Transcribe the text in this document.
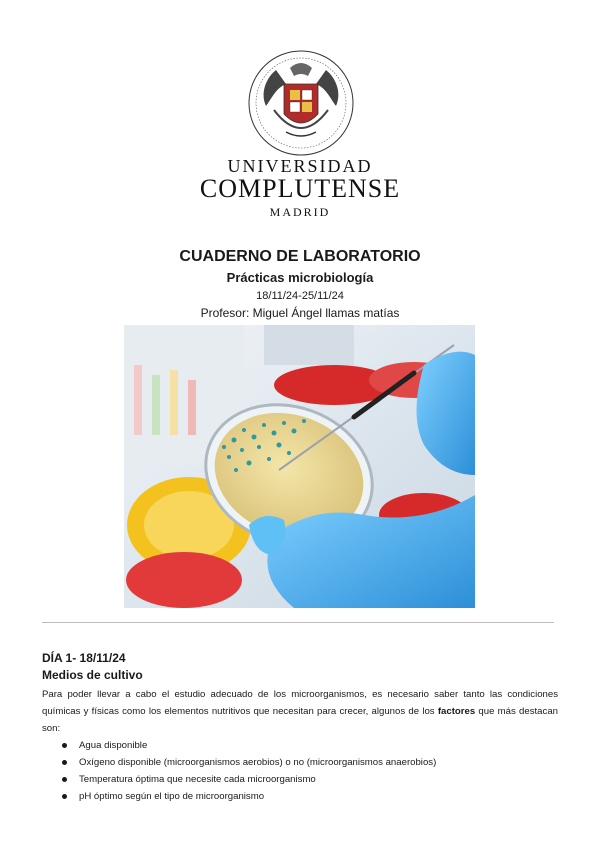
UNIVERSIDAD
COMPLUTENSE
MADRID
CUADERNO DE LABORATORIO
Prácticas microbiología
18/11/24-25/11/24
Profesor: Miguel Ángel llamas matías
DÍA 1- 18/11/24
Medios de cultivo
Para poder llevar a cabo el estudio adecuado de los microorganismos, es necesario saber tanto las condiciones químicas y físicas como los elementos nutritivos que necesitan para crecer, algunos de los factores que más destacan son:
Agua disponible
Oxígeno disponible (microorganismos aerobios) o no (microorganismos anaerobios)
Temperatura óptima que necesite cada microorganismo
pH óptimo según el tipo de microorganismo
